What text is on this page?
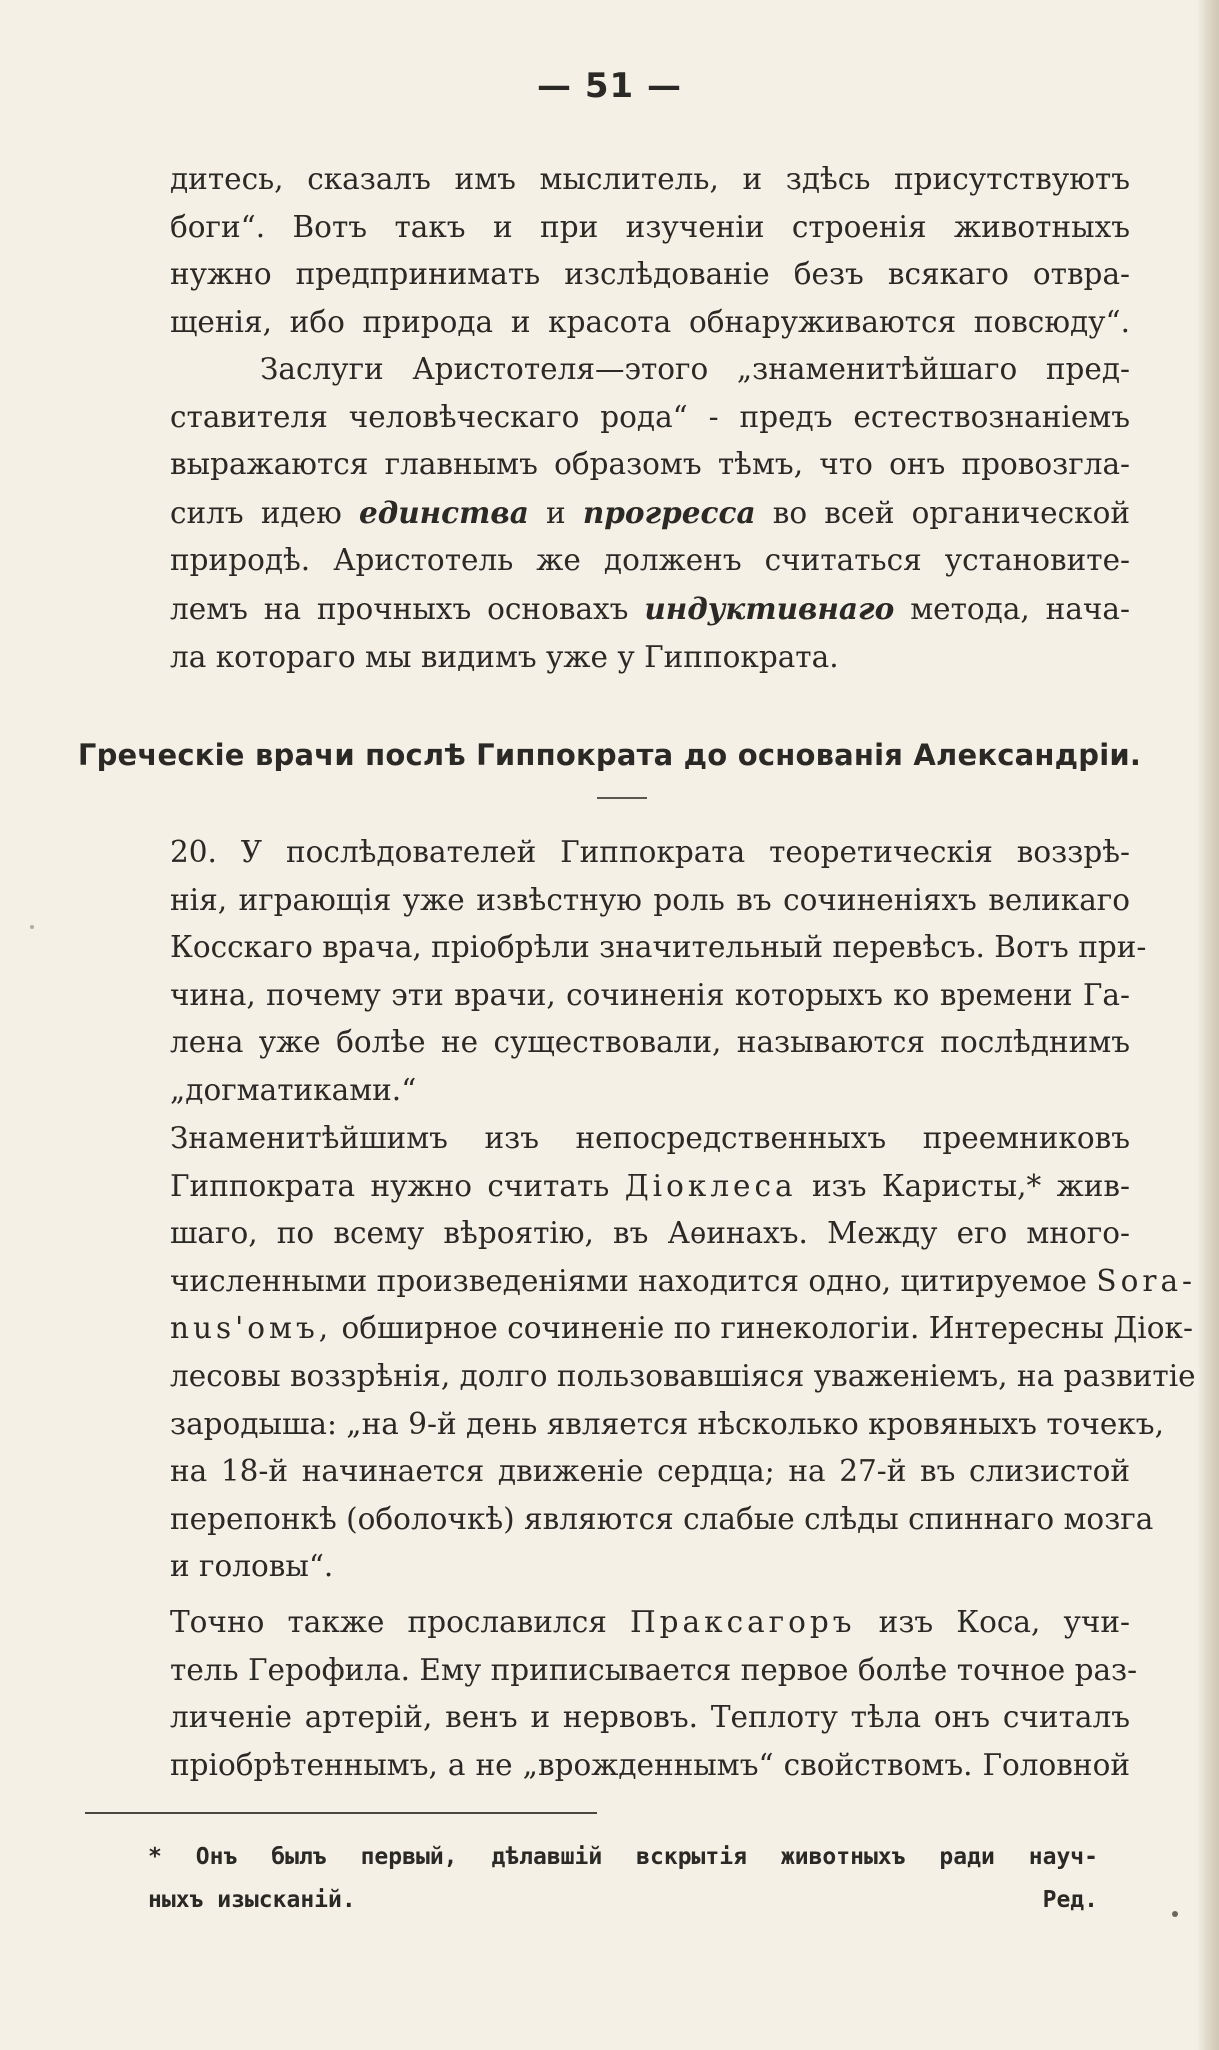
— 51 —
дитесь, сказалъ имъ мыслитель, и здѣсь присутствуютъ
боги“. Вотъ такъ и при изученіи строенія животныхъ
нужно предпринимать изслѣдованіе безъ всякаго отвра-
щенія, ибо природа и красота обнаруживаются повсюду“.
Заслуги Аристотеля—этого „знаменитѣйшаго пред-
ставителя человѣческаго рода“ - предъ естествознаніемъ
выражаются главнымъ образомъ тѣмъ, что онъ провозгла-
силъ идею единства и прогресса во всей органической
природѣ. Аристотель же долженъ считаться установите-
лемъ на прочныхъ основахъ индуктивнаго метода, нача-
ла котораго мы видимъ уже у Гиппократа.
Греческіе врачи послѣ Гиппократа до основанія Александріи.
20. У послѣдователей Гиппократа теоретическія воззрѣ-
нія, играющія уже извѣстную роль въ сочиненіяхъ великаго
Косскаго врача, пріобрѣли значительный перевѣсъ. Вотъ при-
чина, почему эти врачи, сочиненія которыхъ ко времени Га-
лена уже болѣе не существовали, называются послѣднимъ
„догматиками.“
Знаменитѣйшимъ изъ непосредственныхъ преемниковъ
Гиппократа нужно считать Діоклеса изъ Каристы,* жив-
шаго, по всему вѣроятію, въ Аѳинахъ. Между его много-
численными произведеніями находится одно, цитируемое Sora-
nus'омъ, обширное сочиненіе по гинекологіи. Интересны Діок-
лесовы воззрѣнія, долго пользовавшіяся уваженіемъ, на развитіе
зародыша: „на 9-й день является нѣсколько кровяныхъ точекъ,
на 18-й начинается движеніе сердца; на 27-й въ слизистой
перепонкѣ (оболочкѣ) являются слабые слѣды спиннаго мозга
и головы“.
Точно также прославился Праксагоръ изъ Коса, учи-
тель Герофила. Ему приписывается первое болѣе точное раз-
личеніе артерій, венъ и нервовъ. Теплоту тѣла онъ считалъ
пріобрѣтеннымъ, а не „врожденнымъ“ свойствомъ. Головной
* Онъ былъ первый, дѣлавшій вскрытія животныхъ ради науч-
ныхъ изысканій.	Ред.
